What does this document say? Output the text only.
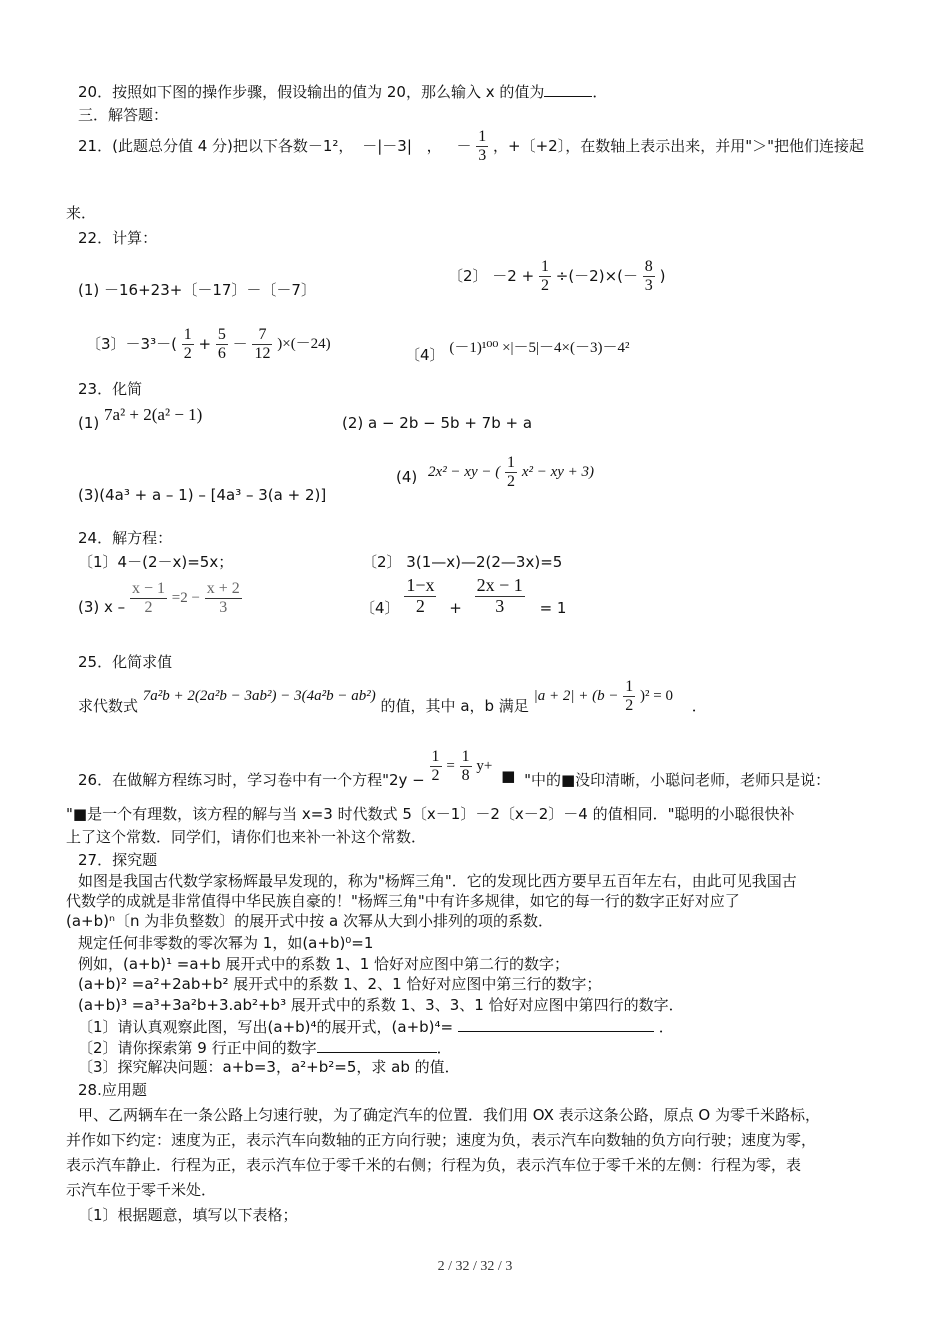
20．按照如下图的操作步骤，假设输出的值为 20，那么输入 x 的值为	．
三．解答题：
21．(此题总分值 4 分)把以下各数－1²， －|－3| ， － $\frac{1}{3}$ ，+〔+2〕，在数轴上表示出来，并用"＞"把他们连接起
来．
22．计算：
(1) －16+23+〔－17〕－〔－7〕
〔2〕 $-2 + \frac{1}{2} \div(-2)\times(- \frac{8}{3}$ )
〔3〕$-3^3-( \frac{1}{2} + \frac{5}{6} - \frac{7}{12} )\times(-24)$
〔4〕 (－1)¹⁰⁰ ×|－5|－4×(－3)－4²
23．化简
(1) 7a² + 2(a² − 1)	(2) a − 2b − 5b + 7b + a
(3)(4a³ + a – 1) – [4a³ – 3(a + 2)]
(4) 2x² − xy − ( $\frac{1}{2} x^2$ − xy + 3)
24．解方程：
〔1〕4－(2－x)=5x；	〔2〕 3(1—x)—2(2—3x)=5
(3) $x - \frac{x - 1}{2} =2 - \frac{x + 2}{3}$	〔4〕 $\frac{1-x}{2} + \frac{2x - 1}{3} = 1$
25．化简求值
求代数式 7a²b + 2(2a²b − 3ab²) − 3(4a²b − ab²) 的值，其中 a，b 满足 $|a + 2| + (b - \frac{1}{2} )^2 = 0$ ．
26．在做解方程练习时，学习卷中有一个方程"$2y - \frac{1}{2} = \frac{1}{8} y+$ ■ "中的■没印清晰，小聪问老师，老师只是说：
"■是一个有理数，该方程的解与当 x=3 时代数式 5〔x－1〕－2〔x－2〕－4 的值相同．"聪明的小聪很快补
上了这个常数．同学们，请你们也来补一补这个常数．
27．探究题
如图是我国古代数学家杨辉最早发现的，称为"杨辉三角"．它的发现比西方要早五百年左右，由此可见我国古
代数学的成就是非常值得中华民族自豪的！"杨辉三角"中有许多规律，如它的每一行的数字正好对应了
(a+b)ⁿ〔n 为非负整数〕的展开式中按 a 次幂从大到小排列的项的系数．
规定任何非零数的零次幂为 1，如(a+b)⁰=1
例如，(a+b)¹ =a+b 展开式中的系数 1、1 恰好对应图中第二行的数字；
(a+b)² =a²+2ab+b² 展开式中的系数 1、2、1 恰好对应图中第三行的数字；
(a+b)³ =a³+3a²b+3.ab²+b³ 展开式中的系数 1、3、3、1 恰好对应图中第四行的数字．
〔1〕请认真观察此图，写出(a+b)⁴的展开式，(a+b)⁴=	．
〔2〕请你探索第 9 行正中间的数字	．
〔3〕探究解决问题：a+b=3，a²+b²=5，求 ab 的值．
28.应用题
甲、乙两辆车在一条公路上匀速行驶，为了确定汽车的位置．我们用 OX 表示这条公路，原点 O 为零千米路标，
并作如下约定：速度为正，表示汽车向数轴的正方向行驶；速度为负，表示汽车向数轴的负方向行驶；速度为零，
表示汽车静止．行程为正，表示汽车位于零千米的右侧；行程为负，表示汽车位于零千米的左侧：行程为零，表
示汽车位于零千米处．
〔1〕根据题意，填写以下表格；
2 / 32 / 32 / 3
